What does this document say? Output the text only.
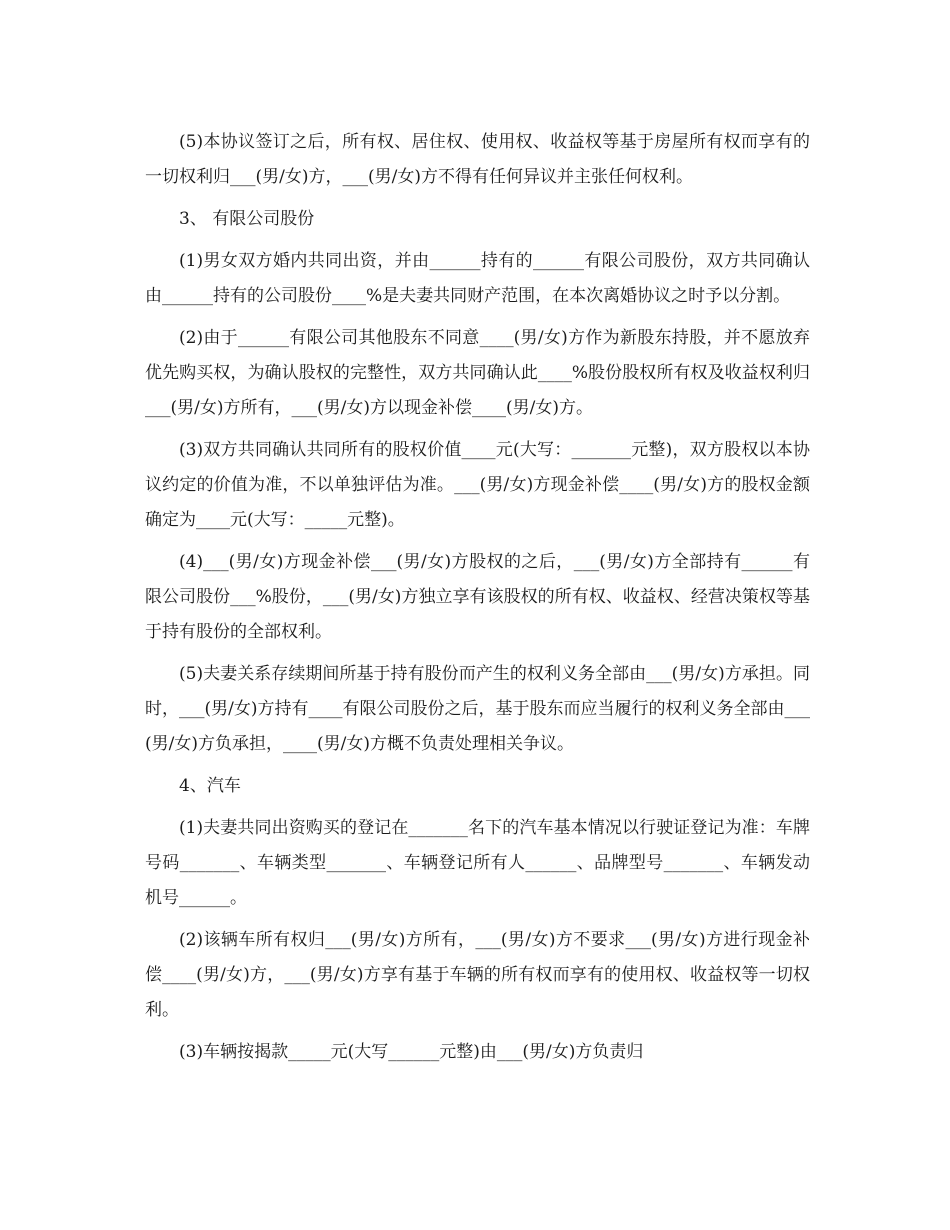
(5)本协议签订之后，所有权、居住权、使用权、收益权等基于房屋所有权而享有的一切权利归___(男/女)方，___(男/女)方不得有任何异议并主张任何权利。

3、 有限公司股份

(1)男女双方婚内共同出资，并由______持有的______有限公司股份，双方共同确认由______持有的公司股份____%是夫妻共同财产范围，在本次离婚协议之时予以分割。

(2)由于______有限公司其他股东不同意____(男/女)方作为新股东持股，并不愿放弃优先购买权，为确认股权的完整性，双方共同确认此____%股份股权所有权及收益权利归___(男/女)方所有，___(男/女)方以现金补偿____(男/女)方。

(3)双方共同确认共同所有的股权价值____元(大写：_______元整)，双方股权以本协议约定的价值为准，不以单独评估为准。___(男/女)方现金补偿____(男/女)方的股权金额确定为____元(大写：_____元整)。

(4)___(男/女)方现金补偿___(男/女)方股权的之后，___(男/女)方全部持有______有限公司股份___%股份，___(男/女)方独立享有该股权的所有权、收益权、经营决策权等基于持有股份的全部权利。

(5)夫妻关系存续期间所基于持有股份而产生的权利义务全部由___(男/女)方承担。同时，___(男/女)方持有____有限公司股份之后，基于股东而应当履行的权利义务全部由___(男/女)方负承担，____(男/女)方概不负责处理相关争议。

4、汽车

(1)夫妻共同出资购买的登记在_______名下的汽车基本情况以行驶证登记为准：车牌号码_______、车辆类型_______、车辆登记所有人______、品牌型号_______、车辆发动机号______。

(2)该辆车所有权归___(男/女)方所有，___(男/女)方不要求___(男/女)方进行现金补偿____(男/女)方，___(男/女)方享有基于车辆的所有权而享有的使用权、收益权等一切权利。

(3)车辆按揭款_____元(大写______元整)由___(男/女)方负责归
